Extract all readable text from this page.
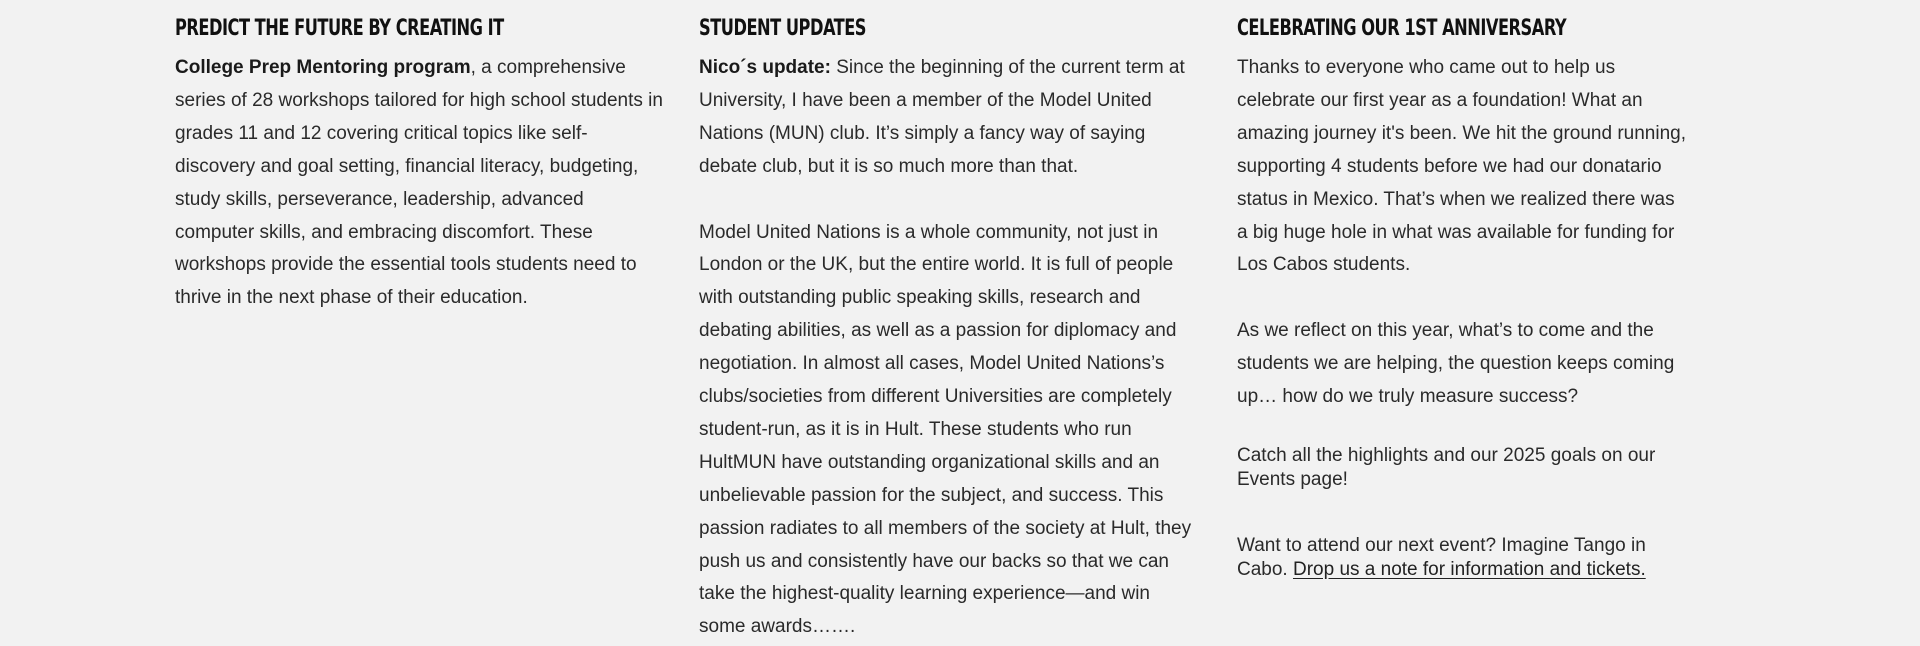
PREDICT THE FUTURE BY CREATING IT

College Prep Mentoring program, a comprehensive series of 28 workshops tailored for high school students in grades 11 and 12 covering critical topics like self-discovery and goal setting, financial literacy, budgeting, study skills, perseverance, leadership, advanced computer skills, and embracing discomfort. These workshops provide the essential tools students need to thrive in the next phase of their education.

STUDENT UPDATES

Nico´s update: Since the beginning of the current term at University, I have been a member of the Model United Nations (MUN) club. It’s simply a fancy way of saying debate club, but it is so much more than that.

Model United Nations is a whole community, not just in London or the UK, but the entire world. It is full of people with outstanding public speaking skills, research and debating abilities, as well as a passion for diplomacy and negotiation. In almost all cases, Model United Nations’s clubs/societies from different Universities are completely student-run, as it is in Hult. These students who run HultMUN have outstanding organizational skills and an unbelievable passion for the subject, and success. This passion radiates to all members of the society at Hult, they push us and consistently have our backs so that we can take the highest-quality learning experience—and win some awards…….

CELEBRATING OUR 1ST ANNIVERSARY

Thanks to everyone who came out to help us celebrate our first year as a foundation! What an amazing journey it's been. We hit the ground running, supporting 4 students before we had our donatario status in Mexico. That’s when we realized there was a big huge hole in what was available for funding for Los Cabos students.

As we reflect on this year, what’s to come and the students we are helping, the question keeps coming up… how do we truly measure success?

Catch all the highlights and our 2025 goals on our Events page!

Want to attend our next event? Imagine Tango in Cabo. Drop us a note for information and tickets.
